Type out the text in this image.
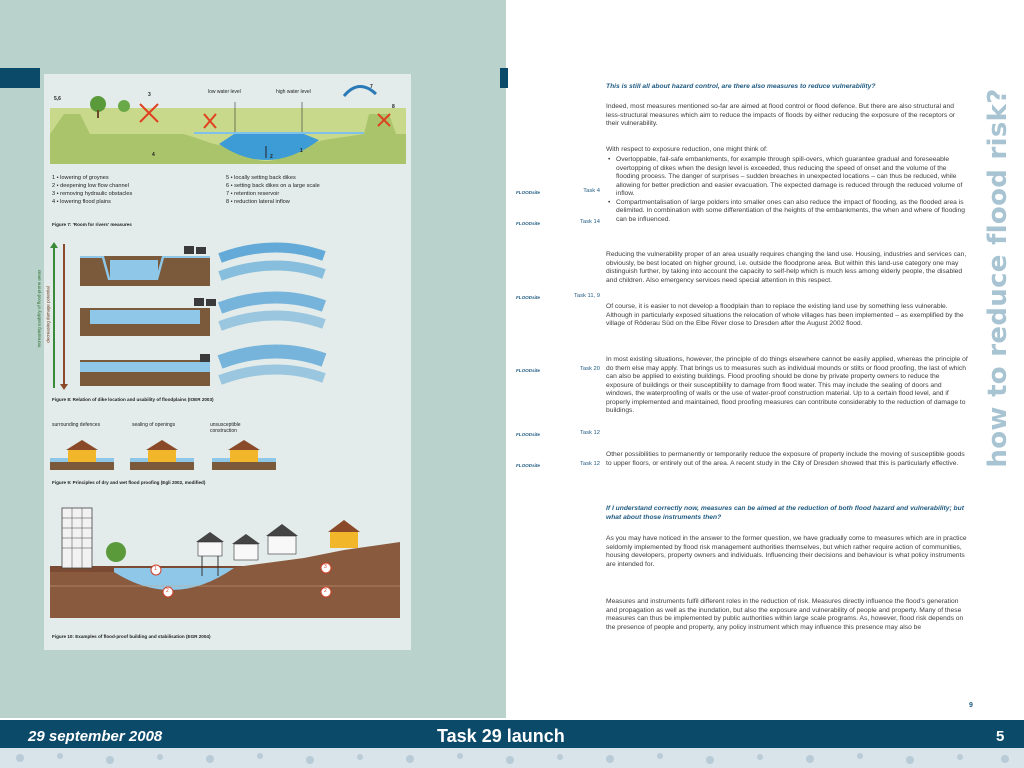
low water level	high water level
5,6
3
4
7
8
2
1
1 • lowering of groynes
2 • deepening low flow channel
3 • removing hydraulic obstacles
4 • lowering flood plains
5 • locally setting back dikes
6 • setting back dikes on a large scale
7 • retention reservoir
8 • reduction lateral inflow
Figure 7: 'Room for rivers' measures
increasing usability of flood-prone areas decreasing damage potential
Figure 8: Relation of dike location and usability of floodplains (IOER 2003)
surrounding defences	sealing of openings	unsusceptible construction
Figure 9: Principles of dry and wet flood proofing (Egli 2002, modified)
1
2
3
2
Figure 10: Examples of flood-proof building and stabilisation (EGR 2004)
This is still all about hazard control, are there also measures to reduce vulnerability?
Indeed, most measures mentioned so-far are aimed at flood control or flood defence. But there are also structural and less-structural measures which aim to reduce the impacts of floods by either reducing the exposure of the receptors or their vulnerability.
With respect to exposure reduction, one might think of:
• Overtoppable, fail-safe embankments, for example through spill-overs, which guarantee gradual and foreseeable overtopping of dikes when the design level is exceeded, thus reducing the speed of onset and the volume of the flooding process. The danger of surprises – sudden breaches in unexpected locations – can thus be reduced, while allowing for better prediction and easier evacuation. The expected damage is reduced through the reduced volume of inflow.
• Compartmentalisation of large polders into smaller ones can also reduce the impact of flooding, as the flooded area is delimited. In combination with some differentiation of the heights of the embankments, the when and where of flooding can be influenced.
Reducing the vulnerability proper of an area usually requires changing the land use. Housing, industries and services can, obviously, be best located on higher ground, i.e. outside the floodprone area. But within this land-use category one may distinguish further, by taking into account the capacity to self-help which is much less among elderly people, the disabled and children. Also emergency services need special attention in this respect.
Of course, it is easier to not develop a floodplain than to replace the existing land use by something less vulnerable. Although in particularly exposed situations the relocation of whole villages has been implemented – as exemplified by the village of Röderau Süd on the Elbe River close to Dresden after the August 2002 flood.
In most existing situations, however, the principle of do things elsewhere cannot be easily applied, whereas the principle of do them else may apply. That brings us to measures such as individual mounds or stilts or flood proofing, the last of which can also be applied to existing buildings. Flood proofing should be done by private property owners to reduce the exposure of buildings or their susceptibility to damage from flood water. This may include the sealing of doors and windows, the waterproofing of walls or the use of water-proof construction material. Up to a certain flood level, and if properly implemented and maintained, flood proofing measures can contribute considerably to the reduction of damage to buildings.
Other possibilities to permanently or temporarily reduce the exposure of property include the moving of susceptible goods to upper floors, or entirely out of the area. A recent study in the City of Dresden showed that this is particularly effective.
If I understand correctly now, measures can be aimed at the reduction of both flood hazard and vulnerability; but what about those instruments then?
As you may have noticed in the answer to the former question, we have gradually come to measures which are in practice seldomly implemented by flood risk management authorities themselves, but which rather require action of communities, housing developers, property owners and individuals. Influencing their decisions and behaviour is what policy instruments are intended for.
Measures and instruments fulfil different roles in the reduction of risk. Measures directly influence the flood's generation and propagation as well as the inundation, but also the exposure and vulnerability of people and property. Many of these measures can thus be implemented by public authorities within large scale programs. As, however, flood risk depends on the presence of people and property, any policy instrument which may influence this presence may also be
FLOODsite	Task 4
FLOODsite	Task 14
FLOODsite	Task 11, 9
FLOODsite	Task 20
FLOODsite	Task 12
FLOODsite	Task 12	how to reduce flood risk?
9
29 september 2008	Task 29 launch	5
